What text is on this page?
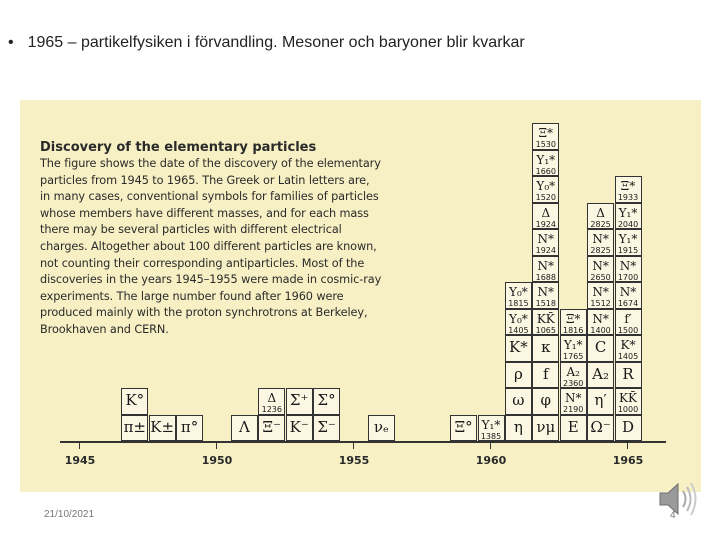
• 1965 – partikelfysiken i förvandling. Mesoner och baryoner blir kvarkar
Discovery of the elementary particles
The figure shows the date of the discovery of the elementary
particles from 1945 to 1965. The Greek or Latin letters are,
in many cases, conventional symbols for families of particles
whose members have different masses, and for each mass
there may be several particles with different electrical
charges. Altogether about 100 different particles are known,
not counting their corresponding antiparticles. Most of the
discoveries in the years 1945–1955 were made in cosmic-ray
experiments. The large number found after 1960 were
produced mainly with the proton synchrotrons at Berkeley,
Brookhaven and CERN.
π±
K°
K± π°	Λ Ξ⁻
Δ
1236
K⁻
Σ⁺
Σ⁻
Σ°
νₑ	Ξ° Y₁*
1385
η
ω
ρ
K*
Y₀*
1405
Y₀*
1815
νμ
φ
f
κ
KK̄
1065
N*
1518
N*
1688
N*
1924
Δ
1924
Y₀*
1520
Y₁*
1660
Ξ*
1530
E
N*
2190
A₂
2360
Y₁*
1765
Ξ*
1816
Ω⁻
η′
A₂
C
N*
1400
N*
1512
N*
2650
N*
2825
Δ
2825
D
KK̄
1000
R
K*
1405
f′
1500
N*
1674
N*
1700
Y₁*
1915
Y₁*
2040
Ξ*
1933
1945	1950	1955	1960	1965
21/10/2021	4
